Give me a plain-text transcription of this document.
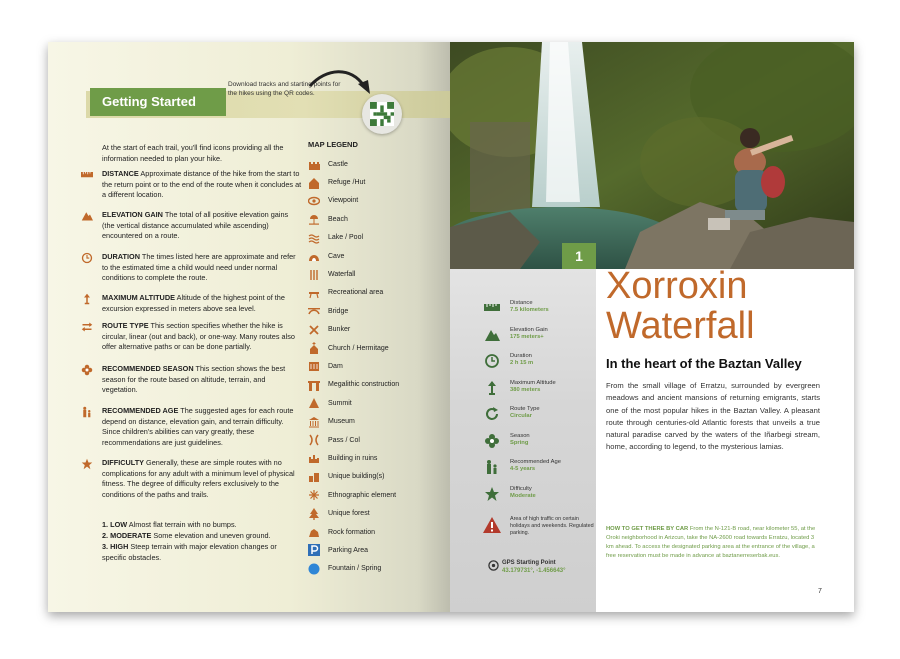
Getting Started
Download tracks and starting points for the hikes using the QR codes.
At the start of each trail, you'll find icons providing all the information needed to plan your hike.
DISTANCE Approximate distance of the hike from the start to the return point or to the end of the route when it concludes at a different location.
ELEVATION GAIN The total of all positive elevation gains (the vertical distance accumulated while ascending) encountered on a route.
DURATION The times listed here are approximate and refer to the estimated time a child would need under normal conditions to complete the route.
MAXIMUM ALTITUDE Altitude of the highest point of the excursion expressed in meters above sea level.
ROUTE TYPE This section specifies whether the hike is circular, linear (out and back), or one-way. Many routes also offer alternative paths or can be done partially.
RECOMMENDED SEASON This section shows the best season for the route based on altitude, terrain, and vegetation.
RECOMMENDED AGE The suggested ages for each route depend on distance, elevation gain, and terrain difficulty. Since children's abilities can vary greatly, these recommendations are just guidelines.
DIFFICULTY Generally, these are simple routes with no complications for any adult with a minimum level of physical fitness. The degree of difficulty refers exclusively to the conditions of the paths and trails.
1. LOW Almost flat terrain with no bumps.
2. MODERATE Some elevation and uneven ground.
3. HIGH Steep terrain with major elevation changes or specific obstacles.
MAP LEGEND
Castle
Refuge /Hut
Viewpoint
Beach
Lake / Pool
Cave
Waterfall
Recreational area
Bridge
Bunker
Church / Hermitage
Dam
Megalithic construction
Summit
Museum
Pass / Col
Building in ruins
Unique building(s)
Ethnographic element
Unique forest
Rock formation
Parking Area
Fountain / Spring
1
Distance
7.5 kilometers
Elevation Gain
175 meters+
Duration
2 h 15 m
Maximum Altitude
380 meters
Route Type
Circular
Season
Spring
Recommended Age
4-5 years
Difficulty
Moderate
Area of high traffic on certain holidays and weekends. Regulated parking.
GPS Starting Point
43.179731°, -1.456643°
Xorroxin Waterfall
In the heart of the Baztan Valley
From the small village of Erratzu, surrounded by evergreen meadows and ancient mansions of returning emigrants, starts one of the most popular hikes in the Baztan Valley. A pleasant route through centuries-old Atlantic forests that unveils a true natural paradise carved by the waters of the Iñarbegi stream, home, according to legend, to the mysterious lamias.
HOW TO GET THERE BY CAR From the N-121-B road, near kilometer 55, at the Oroki neighborhood in Arizcun, take the NA-2600 road towards Erratzu, located 3 km ahead. To access the designated parking area at the entrance of the village, a free reservation must be made in advance at baztanerreserbak.eus.
7
